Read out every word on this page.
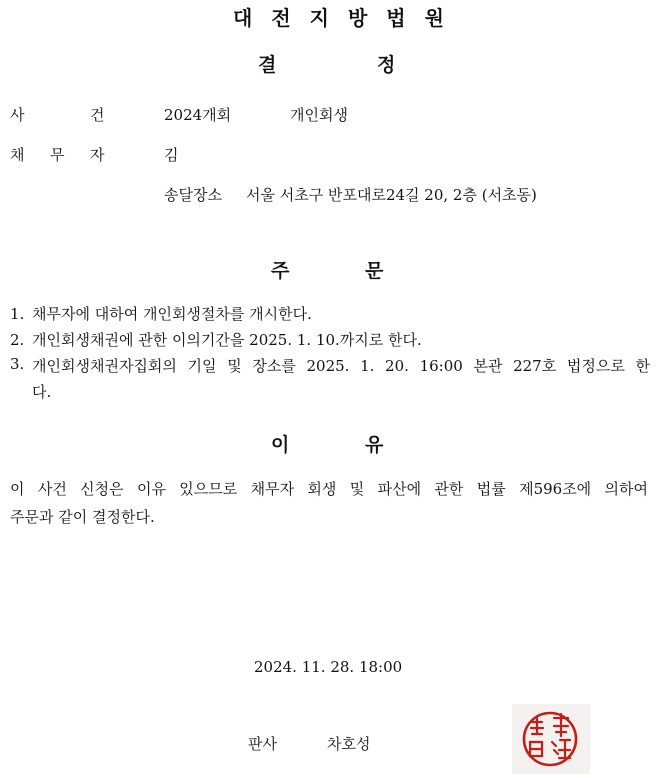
대전지방법원
결	정
사	건	2024개회	개인회생
채 무 자	김
송달장소 서울 서초구 반포대로24길 20, 2층 (서초동)
주	문
1. 채무자에 대하여 개인회생절차를 개시한다.
2. 개인회생채권에 관한 이의기간을 2025. 1. 10.까지로 한다.
3. 개인회생채권자집회의 기일 및 장소를 2025. 1. 20. 16:00 본관 227호 법정으로 한
다.
이	유
이 사건 신청은 이유 있으므로 채무자 회생 및 파산에 관한 법률 제596조에 의하여
주문과 같이 결정한다.
2024. 11. 28. 18:00
판사	차호성
